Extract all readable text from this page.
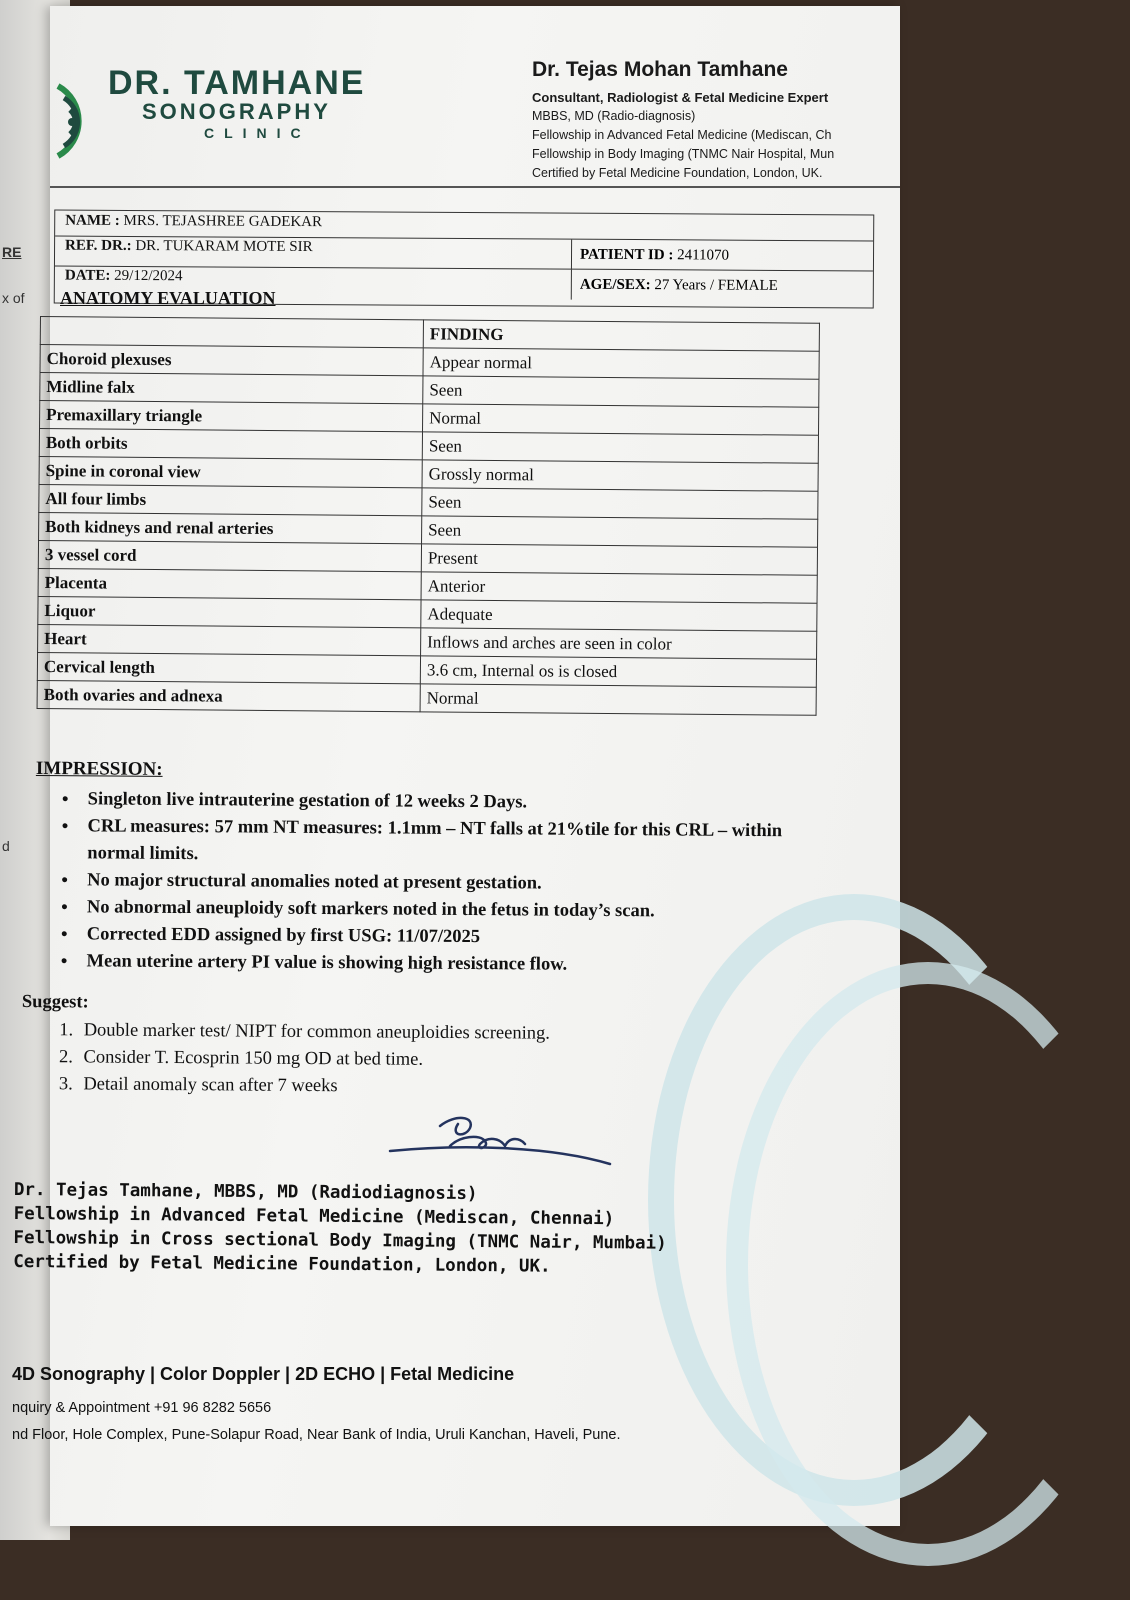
RE
x of
d
DR. TAMHANE
SONOGRAPHY
CLINIC
Dr. Tejas Mohan Tamhane
Consultant, Radiologist & Fetal Medicine Expert
MBBS, MD (Radio-diagnosis)
Fellowship in Advanced Fetal Medicine (Mediscan, Ch
Fellowship in Body Imaging (TNMC Nair Hospital, Mun
Certified by Fetal Medicine Foundation, London, UK.
NAME : MRS. TEJASHREE GADEKAR
REF. DR.: DR. TUKARAM MOTE SIR	PATIENT ID : 2411070
DATE: 29/12/2024
AGE/SEX: 27 Years / FEMALE
ANATOMY EVALUATION
	FINDING
Choroid plexuses	Appear normal
Midline falx	Seen
Premaxillary triangle	Normal
Both orbits	Seen
Spine in coronal view	Grossly normal
All four limbs	Seen
Both kidneys and renal arteries	Seen
3 vessel cord	Present
Placenta	Anterior
Liquor	Adequate
Heart	Inflows and arches are seen in color
Cervical length	3.6 cm, Internal os is closed
Both ovaries and adnexa	Normal
IMPRESSION:
• Singleton live intrauterine gestation of 12 weeks 2 Days.
• CRL measures: 57 mm NT measures: 1.1mm – NT falls at 21%tile for this CRL – within normal limits.
• No major structural anomalies noted at present gestation.
• No abnormal aneuploidy soft markers noted in the fetus in today’s scan.
• Corrected EDD assigned by first USG: 11/07/2025
• Mean uterine artery PI value is showing high resistance flow.
Suggest:
1. Double marker test/ NIPT for common aneuploidies screening.
2. Consider T. Ecosprin 150 mg OD at bed time.
3. Detail anomaly scan after 7 weeks
Dr. Tejas Tamhane, MBBS, MD (Radiodiagnosis)
Fellowship in Advanced Fetal Medicine (Mediscan, Chennai)
Fellowship in Cross sectional Body Imaging (TNMC Nair, Mumbai)
Certified by Fetal Medicine Foundation, London, UK.
4D Sonography | Color Doppler | 2D ECHO | Fetal Medicine
nquiry & Appointment +91 96 8282 5656
nd Floor, Hole Complex, Pune-Solapur Road, Near Bank of India, Uruli Kanchan, Haveli, Pune.
